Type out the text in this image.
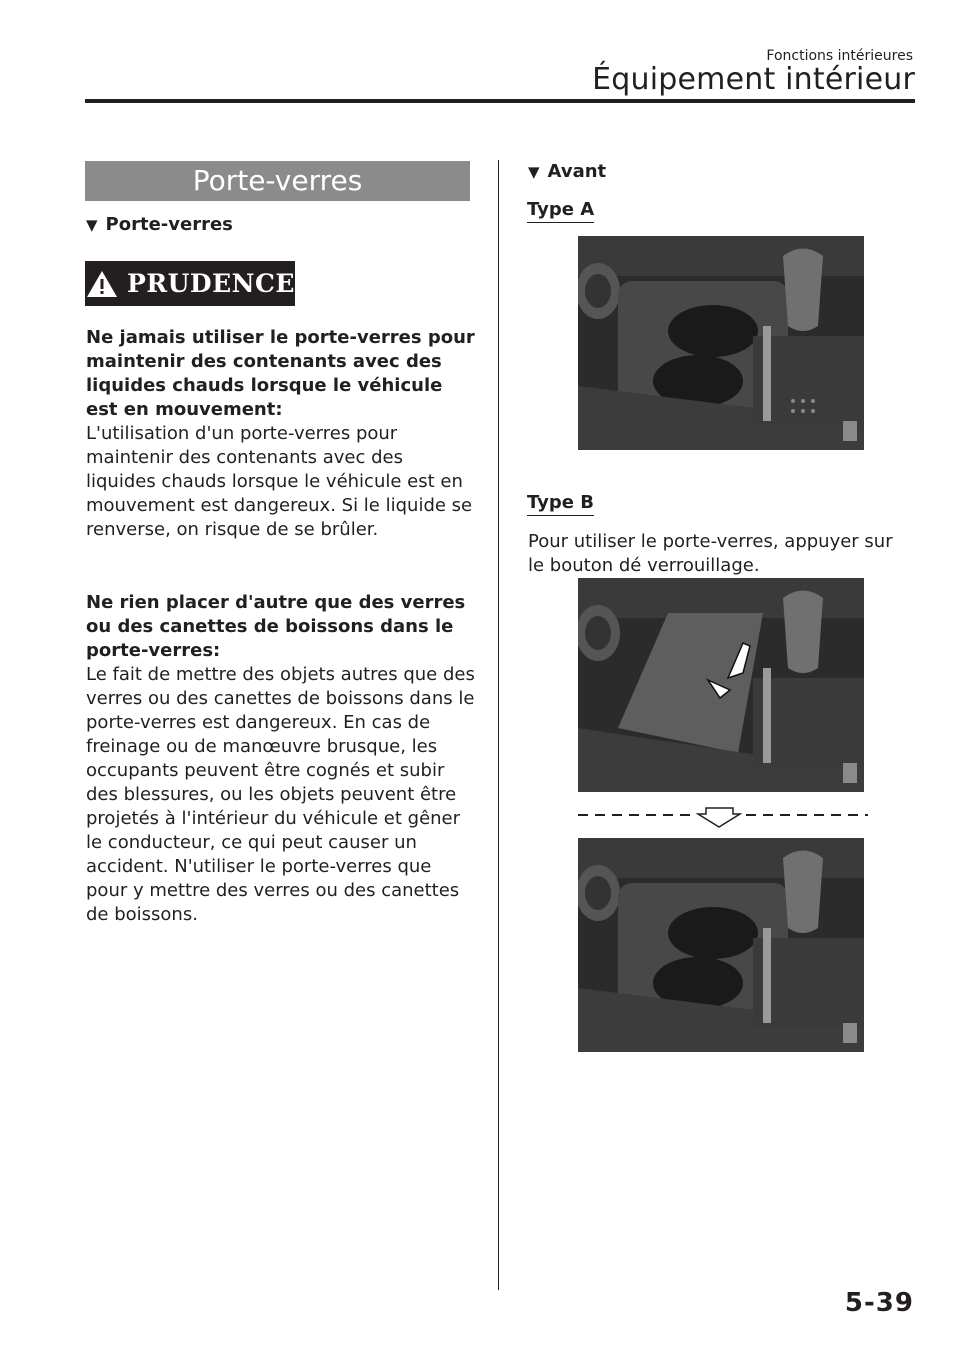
Fonctions intérieures
Équipement intérieur
Porte-verres
▼ Porte-verres
PRUDENCE
Ne jamais utiliser le porte-verres pour maintenir des contenants avec des liquides chauds lorsque le véhicule est en mouvement:
L'utilisation d'un porte-verres pour maintenir des contenants avec des liquides chauds lorsque le véhicule est en mouvement est dangereux. Si le liquide se renverse, on risque de se brûler.
Ne rien placer d'autre que des verres ou des canettes de boissons dans le porte-verres:
Le fait de mettre des objets autres que des verres ou des canettes de boissons dans le porte-verres est dangereux. En cas de freinage ou de manœuvre brusque, les occupants peuvent être cognés et subir des blessures, ou les objets peuvent être projetés à l'intérieur du véhicule et gêner le conducteur, ce qui peut causer un accident. N'utiliser le porte-verres que pour y mettre des verres ou des canettes de boissons.
▼ Avant
Type A
Type B
Pour utiliser le porte-verres, appuyer sur le bouton dé verrouillage.
5-39
